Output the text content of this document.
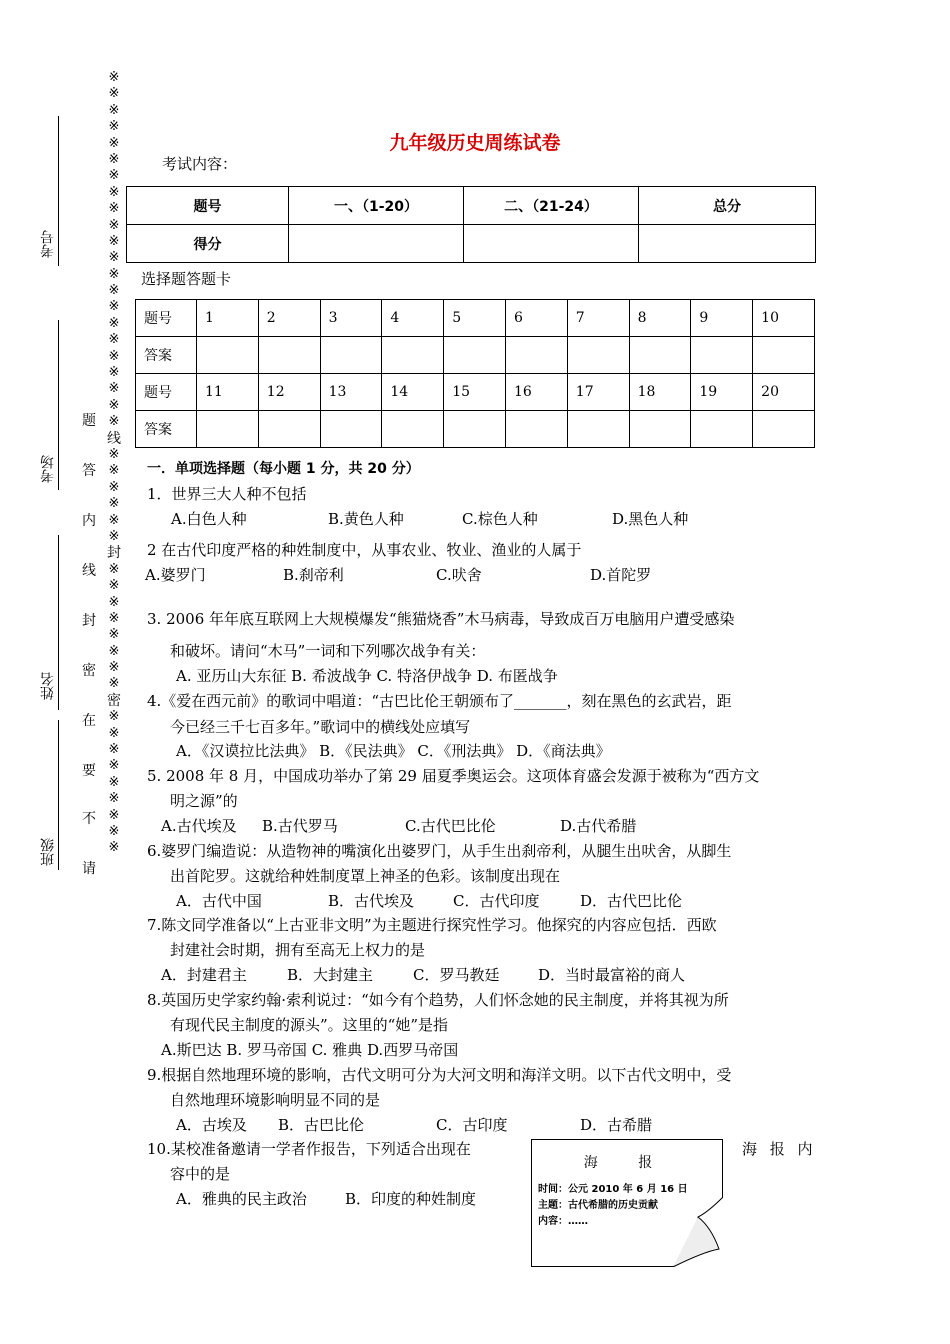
考号
考场
姓名
班级
请
不
要
在
密
封
线
内
答
题
※
※
※
※
※
※
※
※
※
※
※
※
※
※
※
※
※
※
※
※
※
※
线
※
※
※
※
※
※
封
※
※
※
※
※
※
※
※
密
※
※
※
※
※
※
※
※
※
九年级历史周练试卷
考试内容：
题号	一、（1-20）	二、（21-24）	总分
得分			
选择题答题卡
题号	1	2	3	4	5	6	7	8	9	10
答案										
题号	11	12	13	14	15	16	17	18	19	20
答案										
一．单项选择题（每小题 1 分，共 20 分）
1．世界三大人种不包括
A.白色人种	B.黄色人种	C.棕色人种	D.黑色人种
2 在古代印度严格的种姓制度中，从事农业、牧业、渔业的人属于
A.婆罗门	B.刹帝利	C.吠舍	D.首陀罗
3. 2006 年年底互联网上大规模爆发“熊猫烧香”木马病毒，导致成百万电脑用户遭受感染
和破坏。请问“木马”一词和下列哪次战争有关：
A. 亚历山大东征 B. 希波战争 C. 特洛伊战争 D. 布匿战争
4.《爱在西元前》的歌词中唱道：“古巴比伦王朝颁布了_______，刻在黑色的玄武岩，距
今已经三千七百多年。”歌词中的横线处应填写
A．《汉谟拉比法典》 B．《民法典》 C．《刑法典》 D．《商法典》
5. 2008 年 8 月，中国成功举办了第 29 届夏季奥运会。这项体育盛会发源于被称为“西方文
明之源”的
A.古代埃及 B.古代罗马	C.古代巴比伦	D.古代希腊
6.婆罗门编造说：从造物神的嘴演化出婆罗门，从手生出刹帝利，从腿生出吠舍，从脚生
出首陀罗。这就给种姓制度罩上神圣的色彩。该制度出现在
A．古代中国	B．古代埃及	C．古代印度	D．古代巴比伦
7.陈文同学准备以“上古亚非文明”为主题进行探究性学习。他探究的内容应包括．西欧
封建社会时期，拥有至高无上权力的是
A．封建君主	B．大封建主	C．罗马教廷	D．当时最富裕的商人
8.英国历史学家约翰·索利说过：“如今有个趋势，人们怀念她的民主制度，并将其视为所
有现代民主制度的源头”。这里的“她”是指
A.斯巴达 B. 罗马帝国 C. 雅典 D.西罗马帝国
9.根据自然地理环境的影响，古代文明可分为大河文明和海洋文明。以下古代文明中，受
自然地理环境影响明显不同的是
A．古埃及 B．古巴比伦	C．古印度	D．古希腊
10.某校准备邀请一学者作报告，下列适合出现在
容中的是
海 报 内
A．雅典的民主政治	B．印度的种姓制度
海 报
时间：公元 2010 年 6 月 16 日
主题：古代希腊的历史贡献
内容：……
